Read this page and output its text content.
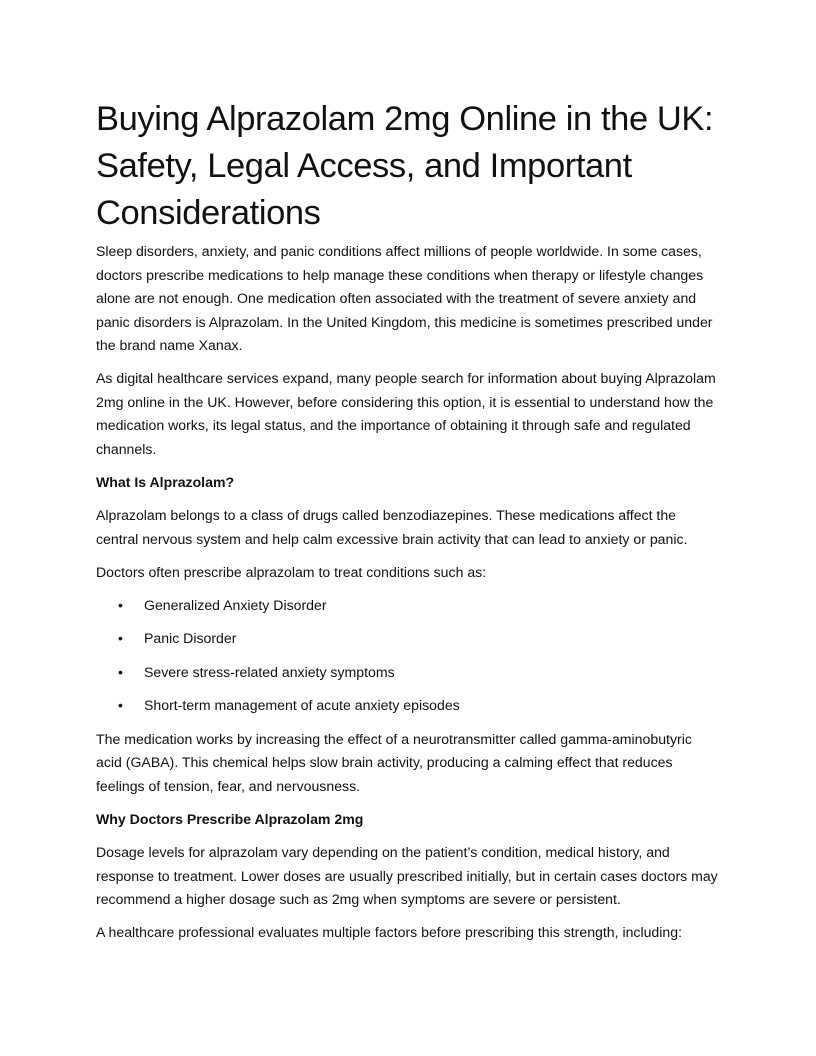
Buying Alprazolam 2mg Online in the UK: Safety, Legal Access, and Important Considerations

Sleep disorders, anxiety, and panic conditions affect millions of people worldwide. In some cases, doctors prescribe medications to help manage these conditions when therapy or lifestyle changes alone are not enough. One medication often associated with the treatment of severe anxiety and panic disorders is Alprazolam. In the United Kingdom, this medicine is sometimes prescribed under the brand name Xanax.

As digital healthcare services expand, many people search for information about buying Alprazolam 2mg online in the UK. However, before considering this option, it is essential to understand how the medication works, its legal status, and the importance of obtaining it through safe and regulated channels.

What Is Alprazolam?

Alprazolam belongs to a class of drugs called benzodiazepines. These medications affect the central nervous system and help calm excessive brain activity that can lead to anxiety or panic.

Doctors often prescribe alprazolam to treat conditions such as:

• Generalized Anxiety Disorder
• Panic Disorder
• Severe stress-related anxiety symptoms
• Short-term management of acute anxiety episodes

The medication works by increasing the effect of a neurotransmitter called gamma-aminobutyric acid (GABA). This chemical helps slow brain activity, producing a calming effect that reduces feelings of tension, fear, and nervousness.

Why Doctors Prescribe Alprazolam 2mg

Dosage levels for alprazolam vary depending on the patient’s condition, medical history, and response to treatment. Lower doses are usually prescribed initially, but in certain cases doctors may recommend a higher dosage such as 2mg when symptoms are severe or persistent.

A healthcare professional evaluates multiple factors before prescribing this strength, including:
